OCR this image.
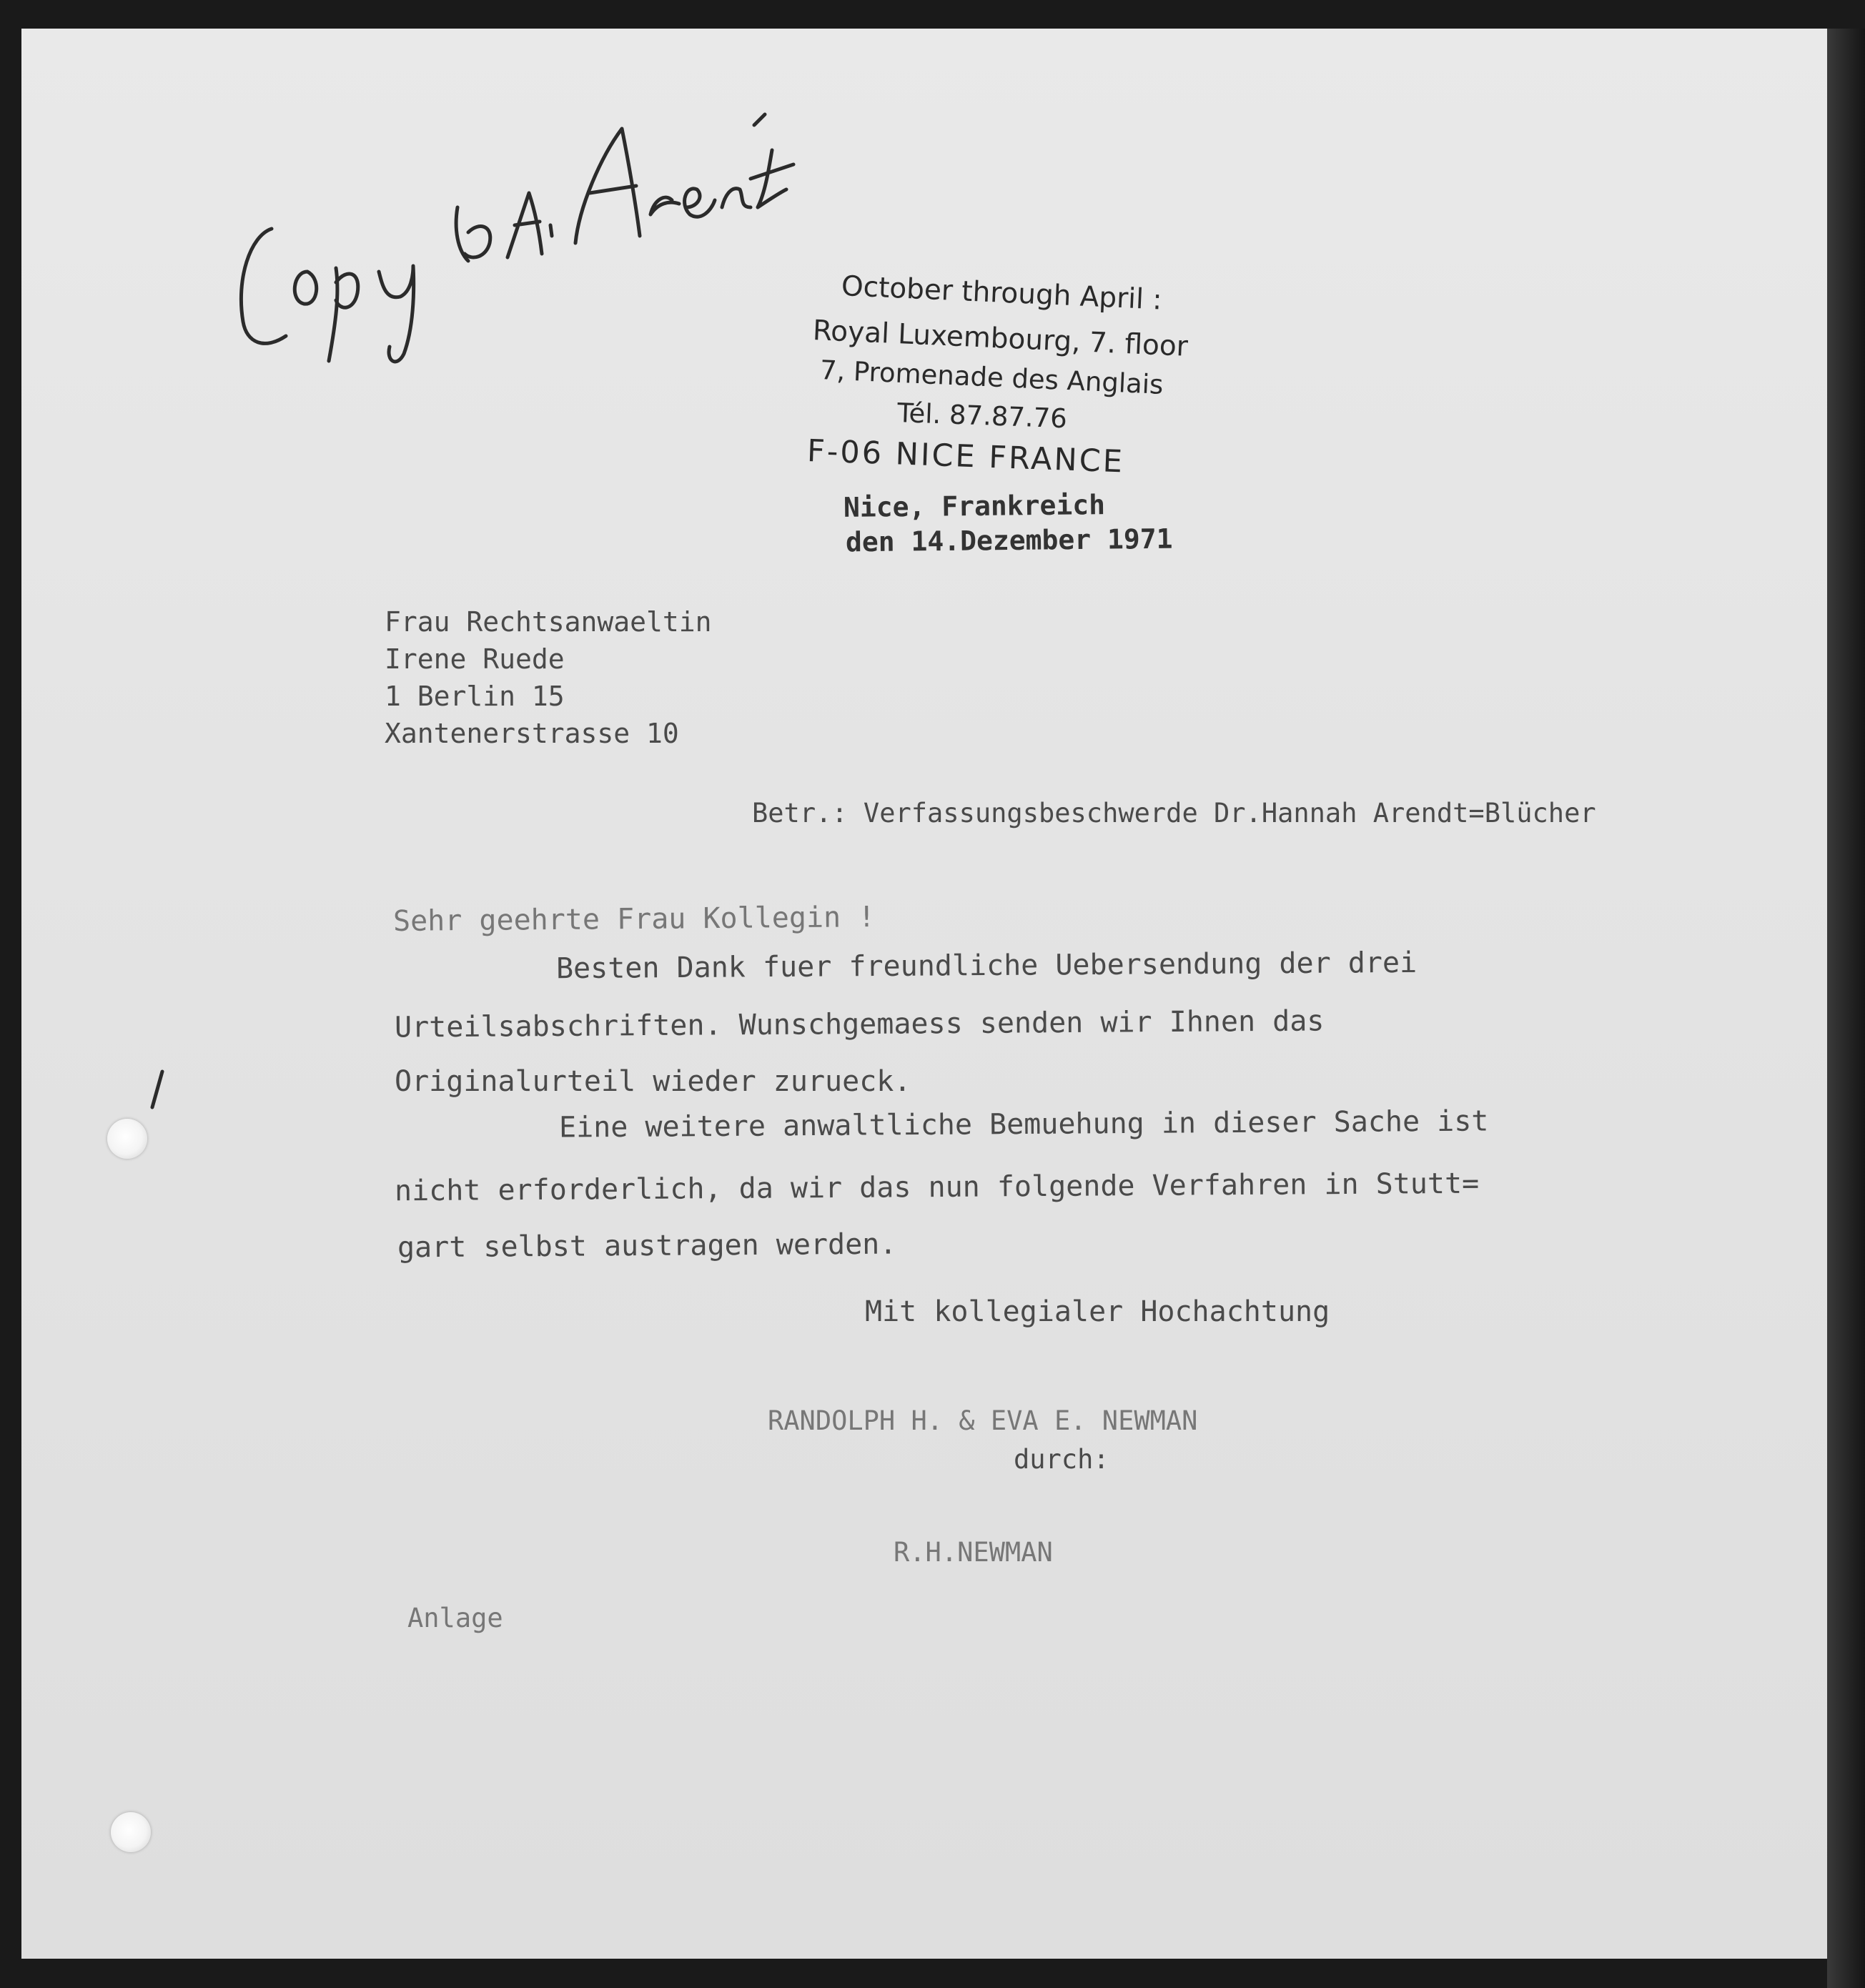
October through April :
Royal Luxembourg, 7. floor
7, Promenade des Anglais
Tél. 87.87.76
F-06 NICE FRANCE
Nice, Frankreich
den 14.Dezember 1971
Frau Rechtsanwaeltin
Irene Ruede
1 Berlin 15
Xantenerstrasse 10
Betr.: Verfassungsbeschwerde Dr.Hannah Arendt=Blücher
Sehr geehrte Frau Kollegin !
Besten Dank fuer freundliche Uebersendung der drei
Urteilsabschriften. Wunschgemaess senden wir Ihnen das
Originalurteil wieder zurueck.
Eine weitere anwaltliche Bemuehung in dieser Sache ist
nicht erforderlich, da wir das nun folgende Verfahren in Stutt=
gart selbst austragen werden.
Mit kollegialer Hochachtung
RANDOLPH H. & EVA E. NEWMAN
durch:
R.H.NEWMAN
Anlage
